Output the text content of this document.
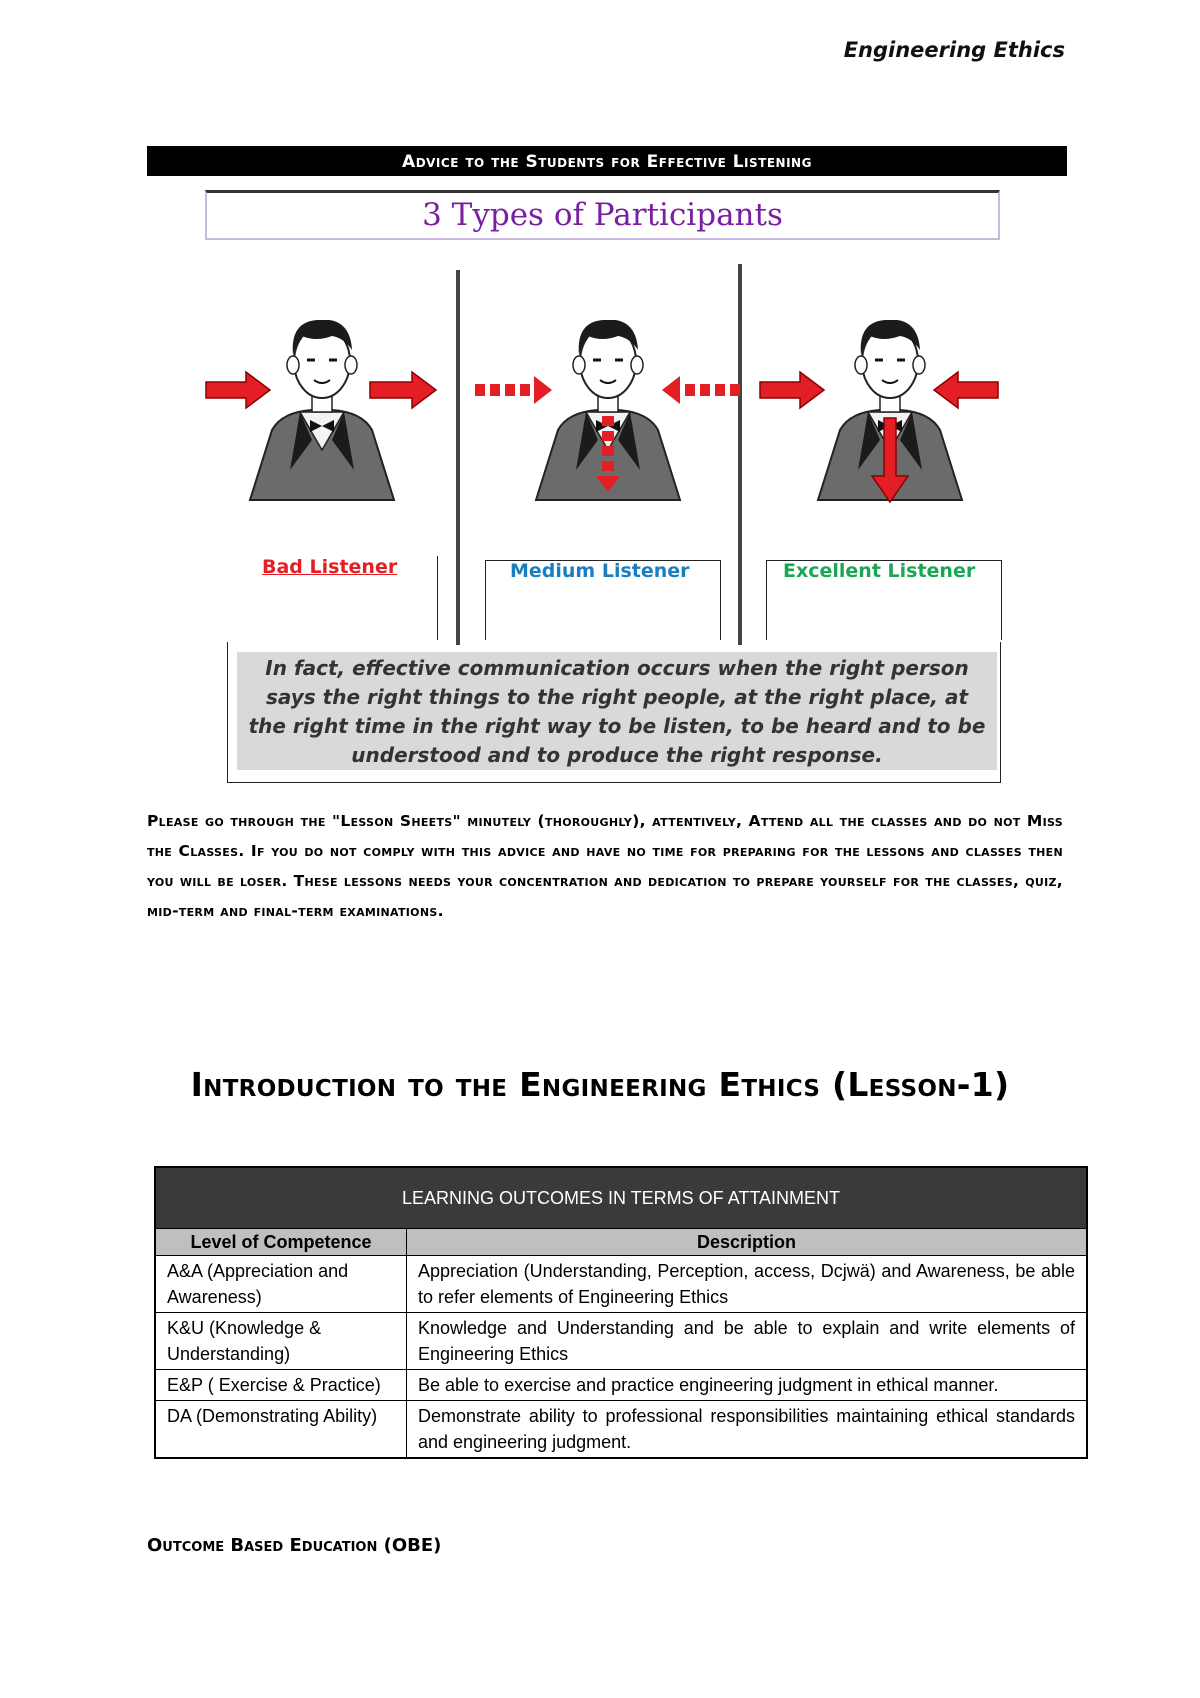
Engineering Ethics
Advice to the Students for Effective Listening
3 Types of Participants
Bad Listener	Medium Listener	Excellent Listener
In fact, effective communication occurs when the right person says the right things to the right people, at the right place, at the right time in the right way to be listen, to be heard and to be understood and to produce the right response.
Please go through the "Lesson Sheets" minutely (thoroughly), attentively, Attend all the classes and do not Miss the Classes. If you do not comply with this advice and have no time for preparing for the lessons and classes then you will be loser. These lessons needs your concentration and dedication to prepare yourself for the classes, quiz, mid-term and final-term examinations.
Introduction to the Engineering Ethics (Lesson-1)
LEARNING OUTCOMES IN TERMS OF ATTAINMENT	
Level of Competence	Description
A&A (Appreciation and Awareness)	Appreciation (Understanding, Perception, access, Dcjwä) and Awareness, be able to refer elements of Engineering Ethics
K&U (Knowledge & Understanding)	Knowledge and Understanding and be able to explain and write elements of Engineering Ethics
E&P ( Exercise & Practice)	Be able to exercise and practice engineering judgment in ethical manner.
DA (Demonstrating Ability)	Demonstrate ability to professional responsibilities maintaining ethical standards and engineering judgment.
Outcome Based Education (OBE)
